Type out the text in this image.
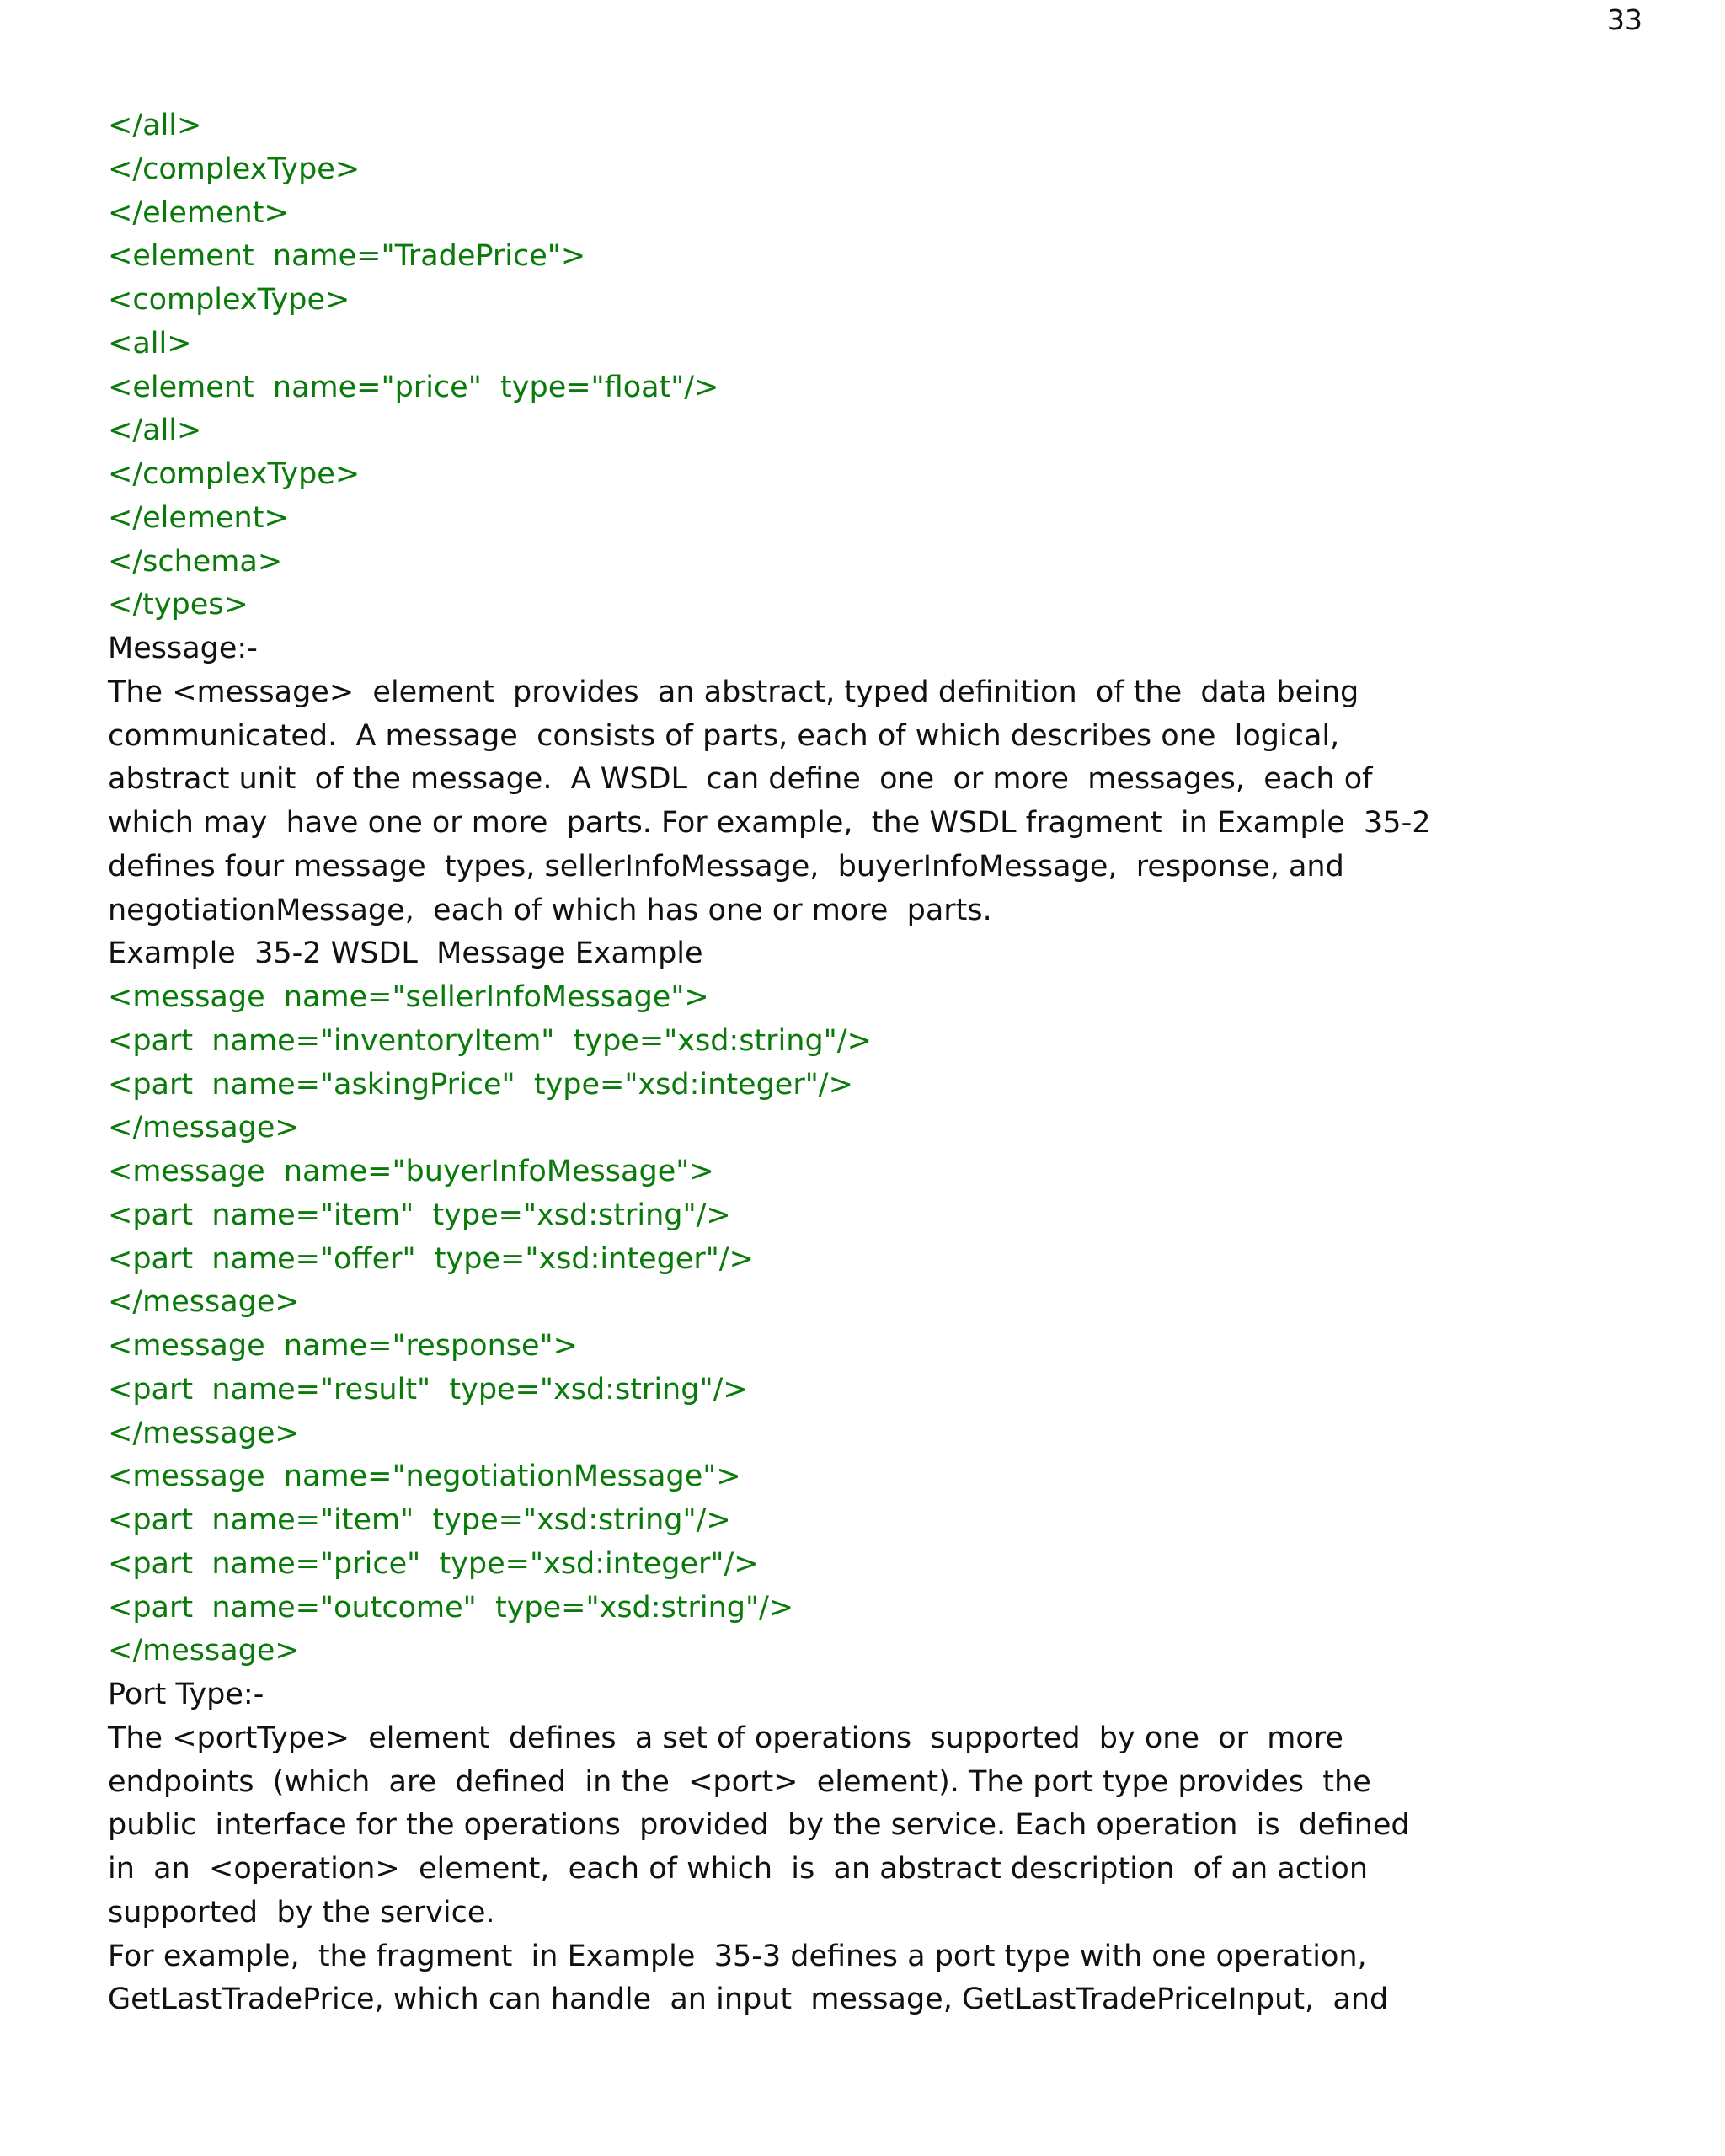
33
</all>
</complexType>
</element>
<element  name="TradePrice">
<complexType>
<all>
<element  name="price"  type="float"/>
</all>
</complexType>
</element>
</schema>
</types>
Message:-
The <message>  element  provides  an abstract, typed definition  of the  data being
communicated.  A message  consists of parts, each of which describes one  logical,
abstract unit  of the message.  A WSDL  can define  one  or more  messages,  each of
which may  have one or more  parts. For example,  the WSDL fragment  in Example  35-2
defines four message  types, sellerInfoMessage,  buyerInfoMessage,  response, and
negotiationMessage,  each of which has one or more  parts.
Example  35-2 WSDL  Message Example
<message  name="sellerInfoMessage">
<part  name="inventoryItem"  type="xsd:string"/>
<part  name="askingPrice"  type="xsd:integer"/>
</message>
<message  name="buyerInfoMessage">
<part  name="item"  type="xsd:string"/>
<part  name="offer"  type="xsd:integer"/>
</message>
<message  name="response">
<part  name="result"  type="xsd:string"/>
</message>
<message  name="negotiationMessage">
<part  name="item"  type="xsd:string"/>
<part  name="price"  type="xsd:integer"/>
<part  name="outcome"  type="xsd:string"/>
</message>
Port Type:-
The <portType>  element  defines  a set of operations  supported  by one  or  more
endpoints  (which  are  defined  in the  <port>  element). The port type provides  the
public  interface for the operations  provided  by the service. Each operation  is  defined
in  an  <operation>  element,  each of which  is  an abstract description  of an action
supported  by the service.
For example,  the fragment  in Example  35-3 defines a port type with one operation,
GetLastTradePrice, which can handle  an input  message, GetLastTradePriceInput,  and
